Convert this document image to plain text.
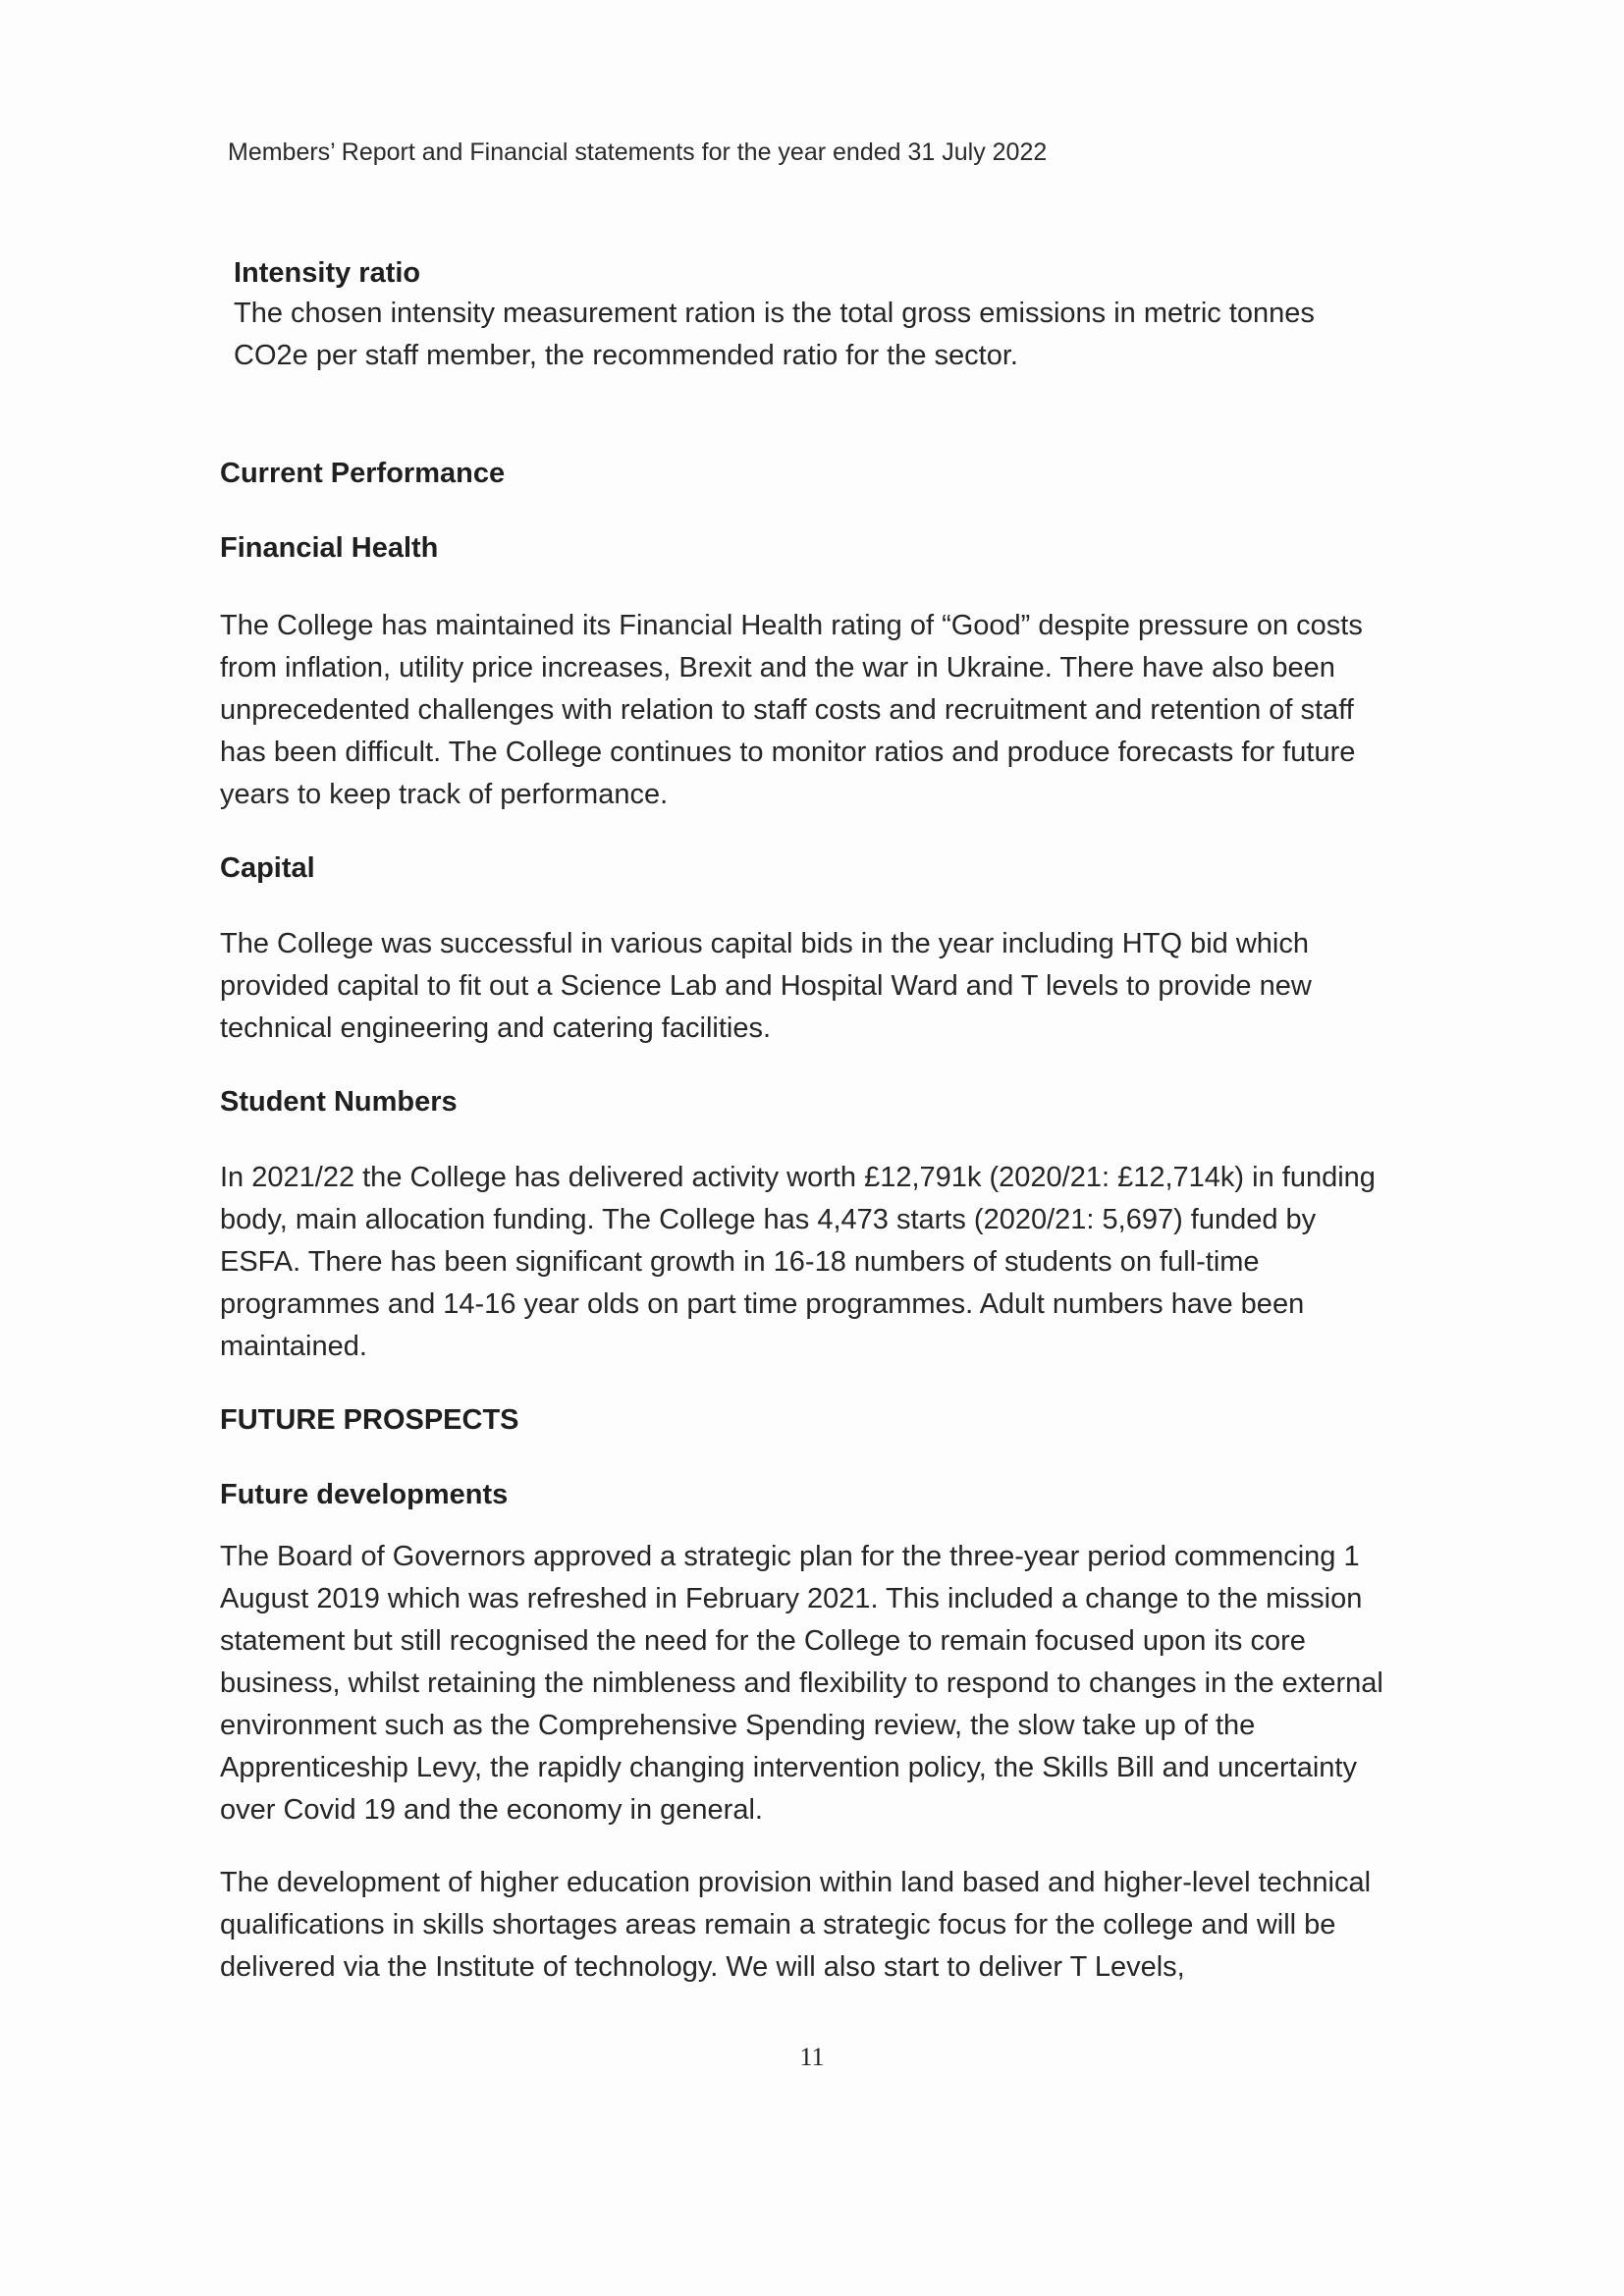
Members’ Report and Financial statements for the year ended 31 July 2022
Intensity ratio

The chosen intensity measurement ration is the total gross emissions in metric tonnes CO2e per staff member, the recommended ratio for the sector.

Current Performance
Financial Health

The College has maintained its Financial Health rating of “Good” despite pressure on costs from inflation, utility price increases, Brexit and the war in Ukraine. There have also been unprecedented challenges with relation to staff costs and recruitment and retention of staff has been difficult. The College continues to monitor ratios and produce forecasts for future years to keep track of performance.

Capital

The College was successful in various capital bids in the year including HTQ bid which provided capital to fit out a Science Lab and Hospital Ward and T levels to provide new technical engineering and catering facilities.

Student Numbers

In 2021/22 the College has delivered activity worth £12,791k (2020/21: £12,714k) in funding body, main allocation funding. The College has 4,473 starts (2020/21: 5,697) funded by ESFA. There has been significant growth in 16-18 numbers of students on full-time programmes and 14-16 year olds on part time programmes. Adult numbers have been maintained.

FUTURE PROSPECTS
Future developments

The Board of Governors approved a strategic plan for the three-year period commencing 1 August 2019 which was refreshed in February 2021. This included a change to the mission statement but still recognised the need for the College to remain focused upon its core business, whilst retaining the nimbleness and flexibility to respond to changes in the external environment such as the Comprehensive Spending review, the slow take up of the Apprenticeship Levy, the rapidly changing intervention policy, the Skills Bill and uncertainty over Covid 19 and the economy in general.

The development of higher education provision within land based and higher-level technical qualifications in skills shortages areas remain a strategic focus for the college and will be delivered via the Institute of technology. We will also start to deliver T Levels,

11
